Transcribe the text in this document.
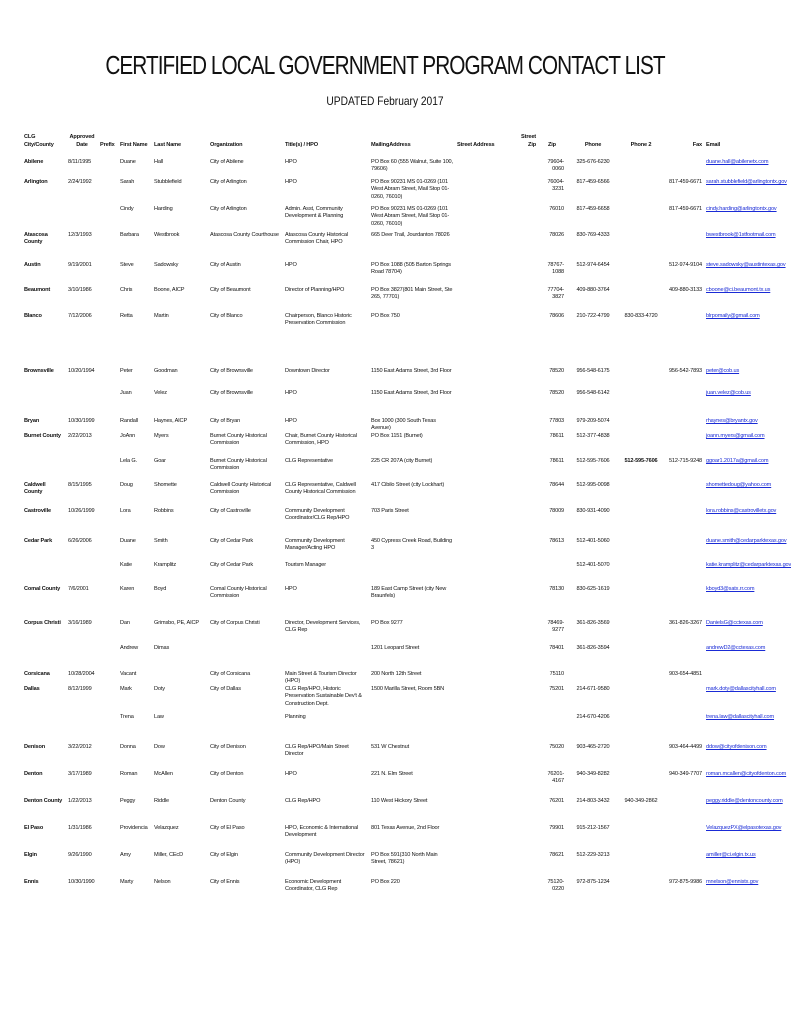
CERTIFIED LOCAL GOVERNMENT PROGRAM CONTACT LIST
UPDATED February 2017
CLG City/County	Approved Date	Prefix	First Name	Last Name	Organization	Title(s) / HPO	MailingAddress	Street Address	Street Zip	Zip	Phone	Phone 2	Fax	Email

Abilene	8/11/1995		Duane	Hall	City of Abilene	HPO	PO Box 60 (555 Walnut, Suite 100, 79606)			79604-0060	325-676-6230			duane.hall@abilenetx.com
Arlington	2/24/1992		Sarah	Stubblefield	City of Arlington	HPO	PO Box 90231 MS 01-0269 (101 West Abram Street, Mail Stop 01-0260, 76010)			76004-3231	817-459-6566		817-459-6671	sarah.stubblefield@arlingtontx.gov
			Cindy	Harding	City of Arlington	Admin. Asst, Community Development & Planning	PO Box 90231 MS 01-0269 (101 West Abram Street, Mail Stop 01-0260, 76010)			76010	817-459-6658		817-459-6671	cindy.harding@arlingtontx.gov
Atascosa County	12/3/1993		Barbara	Westbrook	Atascosa County Courthouse	Atascosa County Historical Commission Chair, HPO	665 Deer Trail, Jourdanton 78026			78026	830-769-4333			bwestbrook@1stfootmail.com
Austin	9/19/2001		Steve	Sadowsky	City of Austin	HPO	PO Box 1088 (505 Barton Springs Road 78704)			78767-1088	512-974-6454		512-974-9104	steve.sadowsky@austintexas.gov
Beaumont	3/10/1986		Chris	Boone, AICP	City of Beaumont	Director of Planning/HPO	PO Box 3827(801 Main Street, Ste 265, 77701)			77704-3827	409-880-3764		409-880-3133	cboone@ci.beaumont.tx.us
Blanco	7/12/2006		Retta	Martin	City of Blanco	Chairperson, Blanco Historic Preservation Commission	PO Box 750			78606	210-722-4799	830-833-4720		blrpomaily@gmail.com
Brownsville	10/20/1994		Peter	Goodman	City of Brownsville	Downtown Director	1150 East Adams Street, 3rd Floor			78520	956-548-6175		956-542-7893	peter@cob.us
			Juan	Velez	City of Brownsville	HPO	1150 East Adams Street, 3rd Floor			78520	956-548-6142			juan.velez@cob.us
Bryan	10/30/1999		Randall	Haynes, AICP	City of Bryan	HPO	Box 1000 (300 South Texas Avenue)			77803	979-209-5074			rhaynes@bryantx.gov
Burnet County	2/22/2013		JoAnn	Myers	Burnet County Historical Commission	Chair, Burnet County Historical Commission, HPO	PO Box 1151 (Burnet)			78611	512-377-4838			joann.myers@gmail.com
			Lela G.	Goar	Burnet County Historical Commission	CLG Representative	225 CR 207A (city Burnet)			78611	512-595-7606	512-595-7606	512-715-9248	ggoar1.2017a@gmail.com
Caldwell County	8/15/1995		Doug	Shomette	Caldwell County Historical Commission	CLG Representative, Caldwell County Historical Commission	417 Cibilo Street (city Lockhart)			78644	512-995-0098			shomettedoug@yahoo.com
Castroville	10/26/1999		Lora	Robbins	City of Castroville	Community Development Coordinator/CLG Rep/HPO	703 Paris Street			78009	830-931-4090			lora.robbins@castrovilletx.gov
Cedar Park	6/26/2006		Duane	Smith	City of Cedar Park	Community Development Manager/Acting HPO	450 Cypress Creek Road, Building 3			78613	512-401-5060			duane.smith@cedarparktexas.gov
			Katie	Kramplitz	City of Cedar Park	Tourism Manager					512-401-5070			katie.kramplitz@cedarparktexas.gov
Comal County	7/6/2001		Karen	Boyd	Comal County Historical Commission	HPO	189 East Camp Street (city New Braunfels)			78130	830-625-1619			kboyd3@satx.rr.com
Corpus Christi	3/16/1989		Dan	Grimsbo, PE, AICP	City of Corpus Christi	Director, Development Services, CLG Rep	PO Box 9277			78469-9277	361-826-3569		361-826-3267	DanielsG@cctexas.com
			Andrew	Dimas			1201 Leopard Street			78401	361-826-3594			andrewD2@cctexas.com
Corsicana	10/28/2004		Vacant		City of Corsicana	Main Street & Tourism Director (HPO)	200 North 12th Street			75110			903-654-4851	
Dallas	8/12/1999		Mark	Doty	City of Dallas	CLG Rep/HPO, Historic Preservation Sustainable Dev't & Construction Dept.	1500 Marilla Street, Room 5BN			75201	214-671-9580			mark.doty@dallascityhall.com
			Trena	Law		Planning					214-670-4206			trena.law@dallascityhall.com
Denison	3/22/2012		Donna	Dow	City of Denison	CLG Rep/HPO/Main Street Director	531 W Chestnut			75020	903-465-2720		903-464-4499	ddow@cityofdenison.com
Denton	3/17/1989		Roman	McAllen	City of Denton	HPO	221 N. Elm Street			76201-4167	940-349-8282		940-349-7707	roman.mcallen@cityofdenton.com
Denton County	1/22/2013		Peggy	Riddle	Denton County	CLG Rep/HPO	110 West Hickory Street			76201	214-803-3432	940-349-2862		peggy.riddle@dentoncounty.com
El Paso	1/31/1986		Providencia	Velazquez	City of El Paso	HPO, Economic & International Development	801 Texas Avenue, 2nd Floor			79901	915-212-1567			VelazquezPX@elpasotexas.gov
Elgin	9/26/1990		Amy	Miller, CEcD	City of Elgin	Community Development Director (HPO)	PO Box 591(310 North Main Street, 78621)			78621	512-229-3213			amiller@ci.elgin.tx.us
Ennis	10/30/1990		Marty	Nelson	City of Ennis	Economic Development Coordinator, CLG Rep	PO Box 220			75120-0220	972-875-1234		972-875-9986	mnelson@ennistx.gov
